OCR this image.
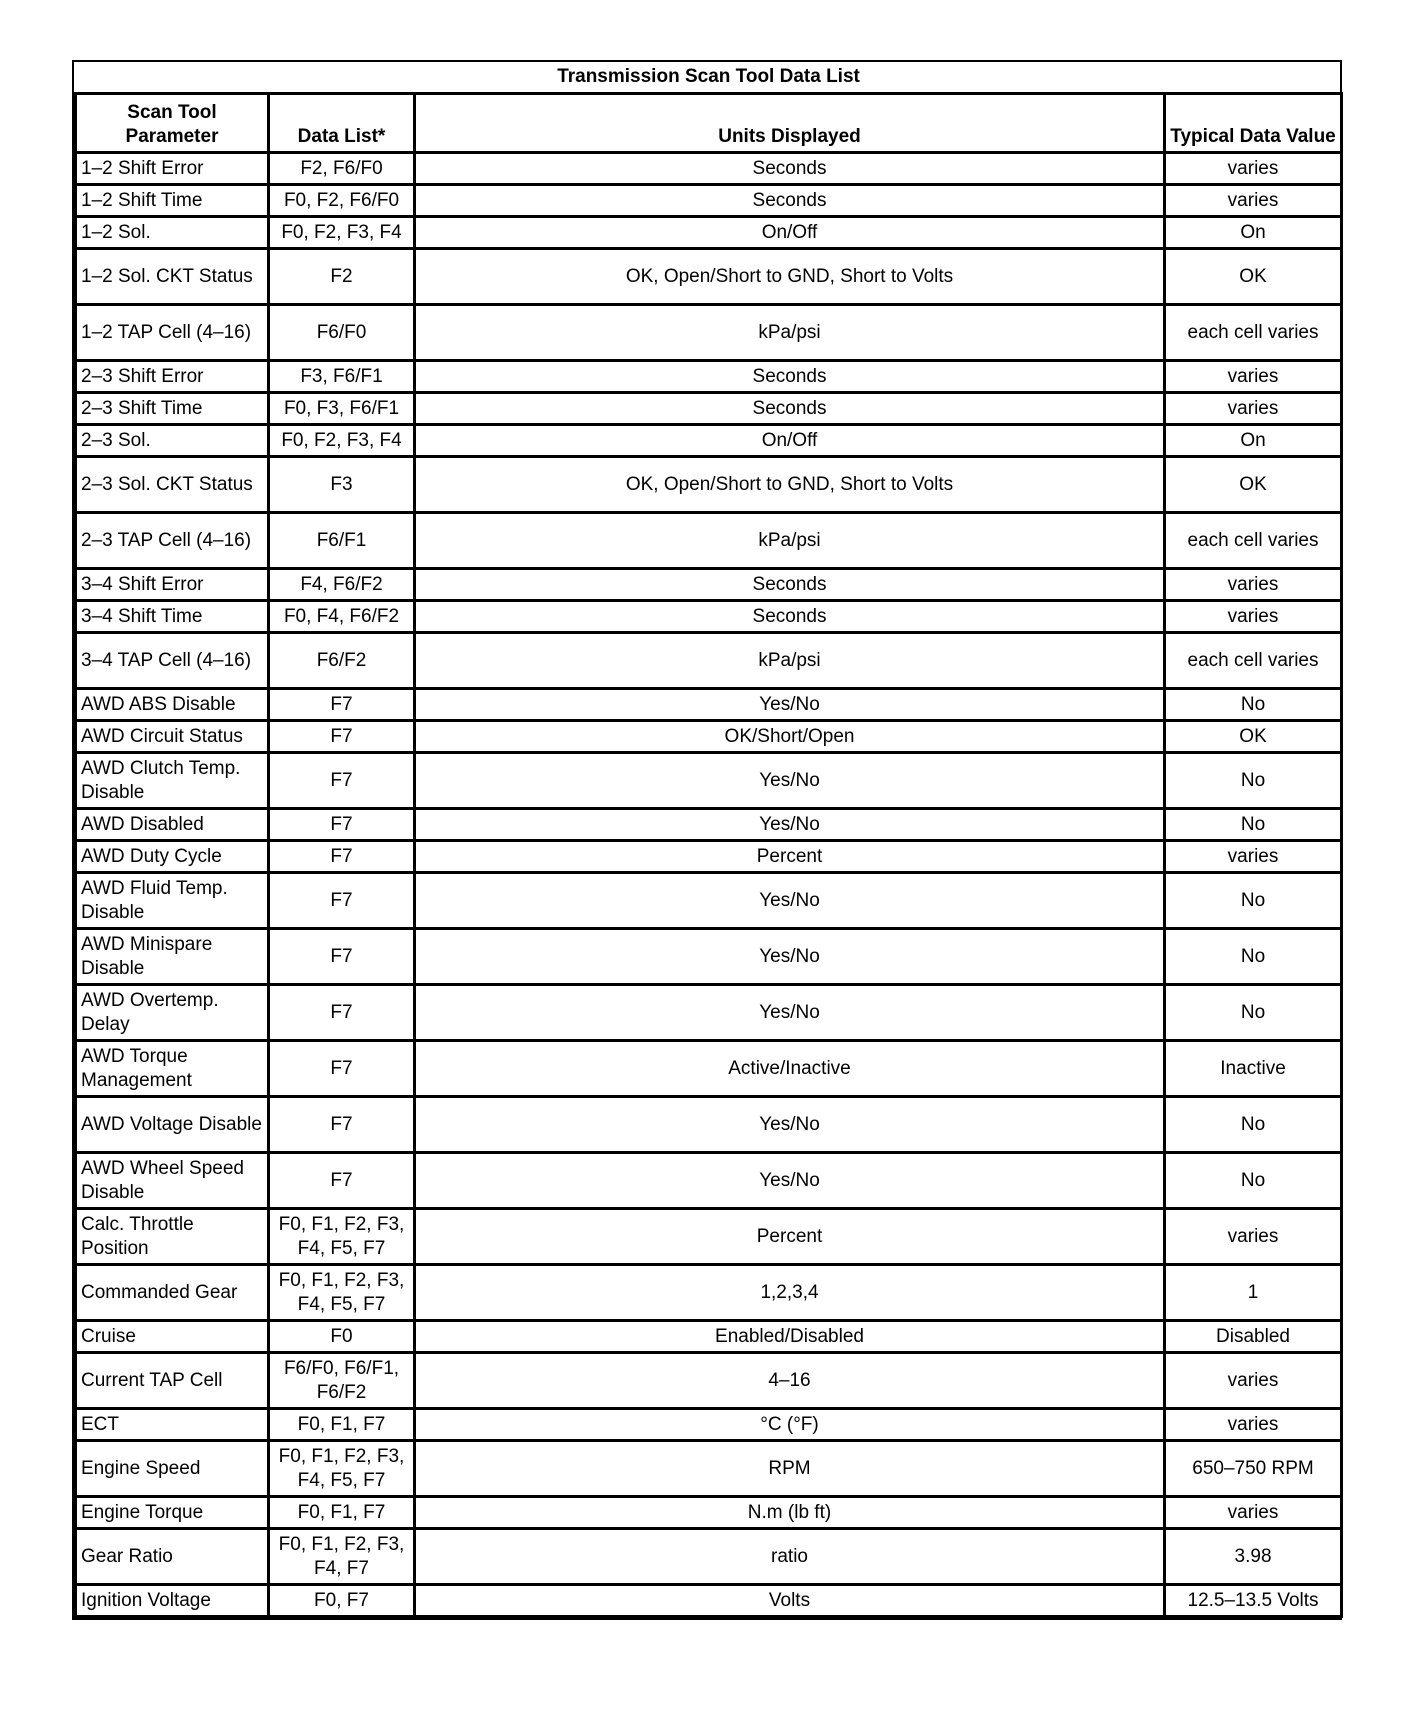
Transmission Scan Tool Data List			
Scan Tool Parameter	Data List*	Units Displayed	Typical Data Value
1–2 Shift Error	F2, F6/F0	Seconds	varies
1–2 Shift Time	F0, F2, F6/F0	Seconds	varies
1–2 Sol.	F0, F2, F3, F4	On/Off	On
1–2 Sol. CKT Status	F2	OK, Open/Short to GND, Short to Volts	OK
1–2 TAP Cell (4–16)	F6/F0	kPa/psi	each cell varies
2–3 Shift Error	F3, F6/F1	Seconds	varies
2–3 Shift Time	F0, F3, F6/F1	Seconds	varies
2–3 Sol.	F0, F2, F3, F4	On/Off	On
2–3 Sol. CKT Status	F3	OK, Open/Short to GND, Short to Volts	OK
2–3 TAP Cell (4–16)	F6/F1	kPa/psi	each cell varies
3–4 Shift Error	F4, F6/F2	Seconds	varies
3–4 Shift Time	F0, F4, F6/F2	Seconds	varies
3–4 TAP Cell (4–16)	F6/F2	kPa/psi	each cell varies
AWD ABS Disable	F7	Yes/No	No
AWD Circuit Status	F7	OK/Short/Open	OK
AWD Clutch Temp. Disable	F7	Yes/No	No
AWD Disabled	F7	Yes/No	No
AWD Duty Cycle	F7	Percent	varies
AWD Fluid Temp. Disable	F7	Yes/No	No
AWD Minispare Disable	F7	Yes/No	No
AWD Overtemp. Delay	F7	Yes/No	No
AWD Torque Management	F7	Active/Inactive	Inactive
AWD Voltage Disable	F7	Yes/No	No
AWD Wheel Speed Disable	F7	Yes/No	No
Calc. Throttle Position	F0, F1, F2, F3, F4, F5, F7	Percent	varies
Commanded Gear	F0, F1, F2, F3, F4, F5, F7	1,2,3,4	1
Cruise	F0	Enabled/Disabled	Disabled
Current TAP Cell	F6/F0, F6/F1, F6/F2	4–16	varies
ECT	F0, F1, F7	°C (°F)	varies
Engine Speed	F0, F1, F2, F3, F4, F5, F7	RPM	650–750 RPM
Engine Torque	F0, F1, F7	N.m (lb ft)	varies
Gear Ratio	F0, F1, F2, F3, F4, F7	ratio	3.98
Ignition Voltage	F0, F7	Volts	12.5–13.5 Volts
